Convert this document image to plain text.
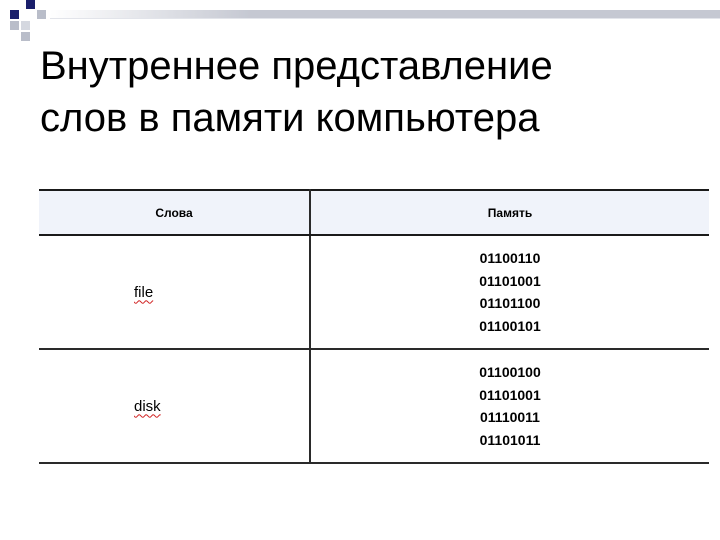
Внутреннее представление
слов в памяти компьютера
Слова	Память
file	01100110
01101001
01101100
01100101

disk	01100100
01101001
01110011
01101011
